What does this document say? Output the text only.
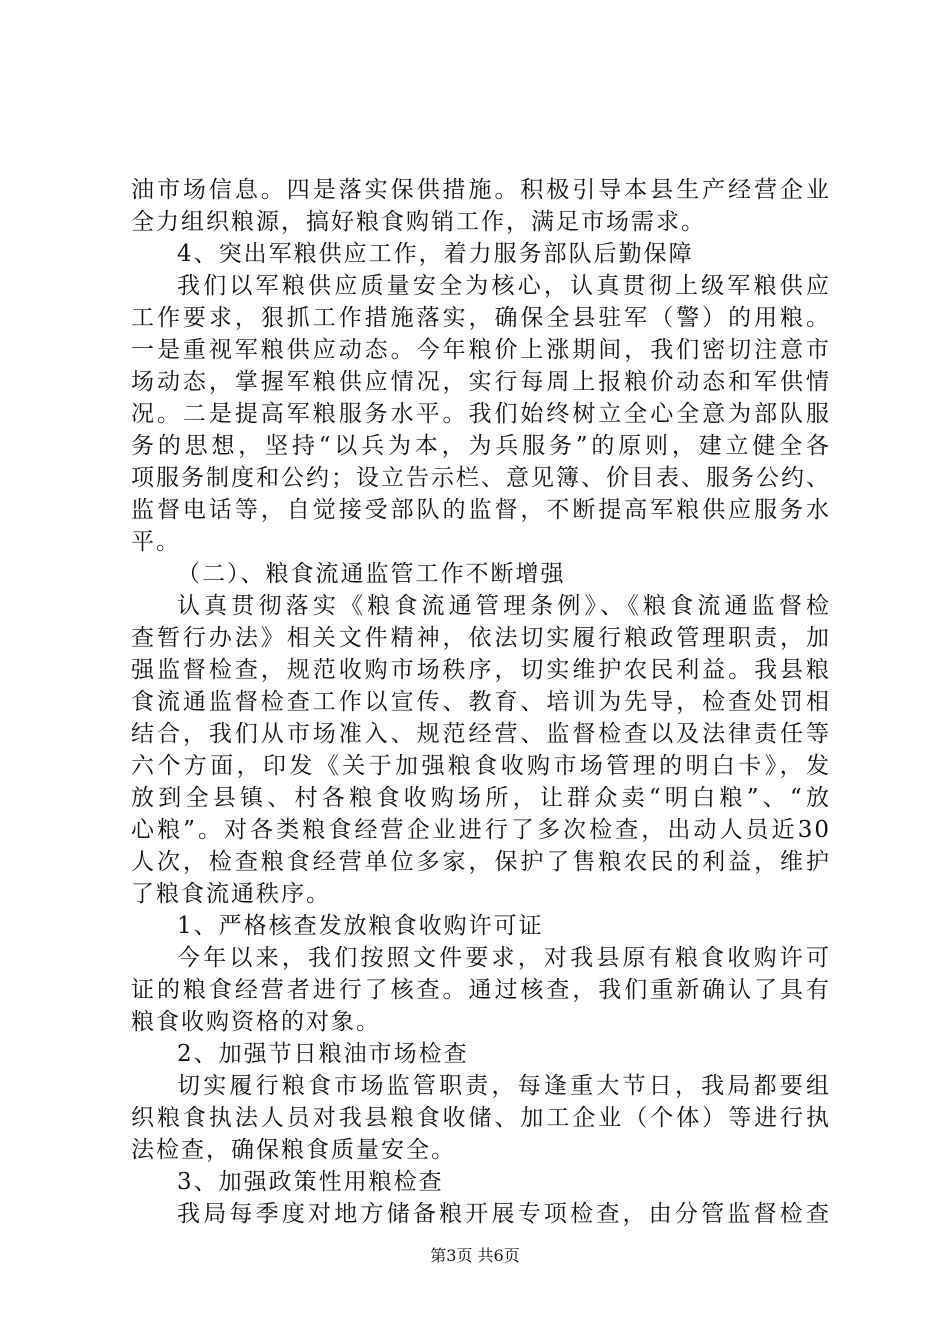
油市场信息。四是落实保供措施。积极引导本县生产经营企业
全力组织粮源，搞好粮食购销工作，满足市场需求。
4、突出军粮供应工作，着力服务部队后勤保障
我们以军粮供应质量安全为核心，认真贯彻上级军粮供应
工作要求，狠抓工作措施落实，确保全县驻军（警）的用粮。
一是重视军粮供应动态。今年粮价上涨期间，我们密切注意市
场动态，掌握军粮供应情况，实行每周上报粮价动态和军供情
况。二是提高军粮服务水平。我们始终树立全心全意为部队服
务的思想，坚持“以兵为本，为兵服务”的原则，建立健全各
项服务制度和公约；设立告示栏、意见簿、价目表、服务公约、
监督电话等，自觉接受部队的监督，不断提高军粮供应服务水
平。
（二）、粮食流通监管工作不断增强
认真贯彻落实《粮食流通管理条例》、《粮食流通监督检
查暂行办法》相关文件精神，依法切实履行粮政管理职责，加
强监督检查，规范收购市场秩序，切实维护农民利益。我县粮
食流通监督检查工作以宣传、教育、培训为先导，检查处罚相
结合，我们从市场准入、规范经营、监督检查以及法律责任等
六个方面，印发《关于加强粮食收购市场管理的明白卡》，发
放到全县镇、村各粮食收购场所，让群众卖“明白粮”、“放
心粮”。对各类粮食经营企业进行了多次检查，出动人员近30
人次，检查粮食经营单位多家，保护了售粮农民的利益，维护
了粮食流通秩序。
1、严格核查发放粮食收购许可证
今年以来，我们按照文件要求，对我县原有粮食收购许可
证的粮食经营者进行了核查。通过核查，我们重新确认了具有
粮食收购资格的对象。
2、加强节日粮油市场检查
切实履行粮食市场监管职责，每逢重大节日，我局都要组
织粮食执法人员对我县粮食收储、加工企业（个体）等进行执
法检查，确保粮食质量安全。
3、加强政策性用粮检查
我局每季度对地方储备粮开展专项检查，由分管监督检查
第3页 共6页
